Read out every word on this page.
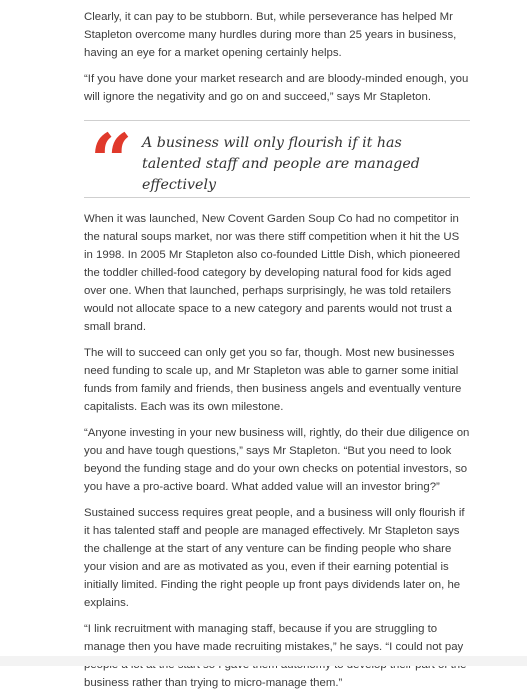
Clearly, it can pay to be stubborn. But, while perseverance has helped Mr Stapleton overcome many hurdles during more than 25 years in business, having an eye for a market opening certainly helps.

“If you have done your market research and are bloody-minded enough, you will ignore the negativity and go on and succeed,” says Mr Stapleton.

“ A business will only flourish if it has talented staff and people are managed effectively

When it was launched, New Covent Garden Soup Co had no competitor in the natural soups market, nor was there stiff competition when it hit the US in 1998. In 2005 Mr Stapleton also co-founded Little Dish, which pioneered the toddler chilled-food category by developing natural food for kids aged over one. When that launched, perhaps surprisingly, he was told retailers would not allocate space to a new category and parents would not trust a small brand.

The will to succeed can only get you so far, though. Most new businesses need funding to scale up, and Mr Stapleton was able to garner some initial funds from family and friends, then business angels and eventually venture capitalists. Each was its own milestone.

“Anyone investing in your new business will, rightly, do their due diligence on you and have tough questions,” says Mr Stapleton. “But you need to look beyond the funding stage and do your own checks on potential investors, so you have a pro-active board. What added value will an investor bring?”

Sustained success requires great people, and a business will only flourish if it has talented staff and people are managed effectively. Mr Stapleton says the challenge at the start of any venture can be finding people who share your vision and are as motivated as you, even if their earning potential is initially limited. Finding the right people up front pays dividends later on, he explains.

“I link recruitment with managing staff, because if you are struggling to manage then you have made recruiting mistakes,” he says. “I could not pay business rather than trying to micro-manage them.”
